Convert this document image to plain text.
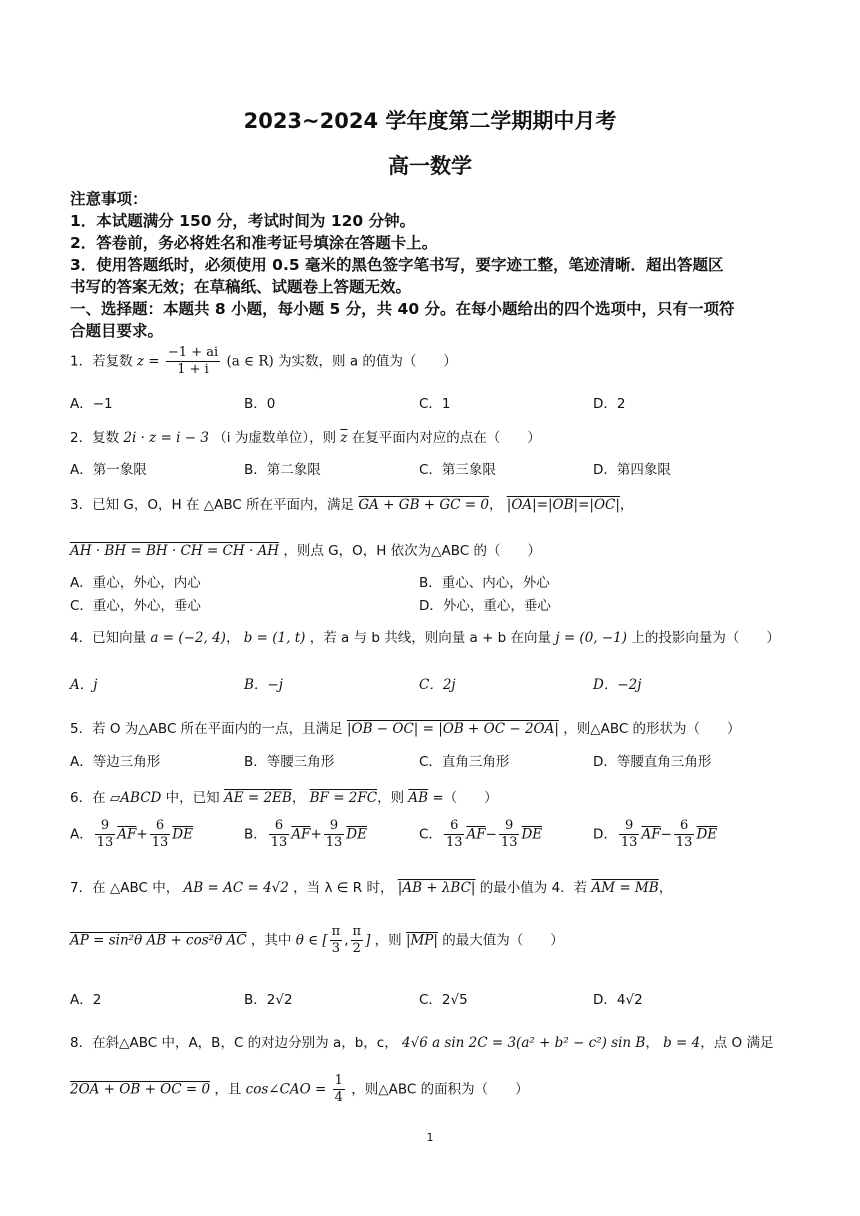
2023~2024 学年度第二学期期中月考
高一数学
注意事项：
1．本试题满分 150 分，考试时间为 120 分钟。
2．答卷前，务必将姓名和准考证号填涂在答题卡上。
3．使用答题纸时，必须使用 0.5 毫米的黑色签字笔书写，要字迹工整，笔迹清晰．超出答题区
书写的答案无效；在草稿纸、试题卷上答题无效。
一、选择题：本题共 8 小题，每小题 5 分，共 40 分。在每小题给出的四个选项中，只有一项符
合题目要求。
1．若复数 $z = \frac{-1 + ai}{1 + i} (a$ ∈ R) 为实数，则 a 的值为（　　）
A．−1	B．0	C．1	D．2
2．复数 2i · z = i − 3 （i 为虚数单位），则 $\overline{z}$ 在复平面内对应的点在（　　）
A．第一象限	B．第二象限	C．第三象限	D．第四象限
3．已知 G，O，H 在 △ABC 所在平面内，满足 GA + GB + GC = 0， |OA|=|OB|=|OC|，
AH · BH = BH · CH = CH · AH ，则点 G，O，H 依次为△ABC 的（　　）
A．重心，外心，内心	B．重心、内心，外心
C．重心，外心，垂心	D．外心，重心，垂心
4．已知向量 a = (−2, 4)， b = (1, t) ，若 a 与 b 共线，则向量 a + b 在向量 j = (0, −1) 上的投影向量为（　　）
A．j	B．−j	C．2j	D．−2j
5．若 O 为△ABC 所在平面内的一点，且满足 |OB − OC| = |OB + OC − 2OA| ，则△ABC 的形状为（　　）
A．等边三角形	B．等腰三角形	C．直角三角形	D．等腰直角三角形
6．在 ▱ABCD 中，已知 AE = 2EB， BF = 2FC，则 $\overline{AB}$ =（　　）
A． $\frac{9}{13} \overline{AF}+ \frac{6}{13} \overline{DE}$	B． $\frac{6}{13} \overline{AF}+ \frac{9}{13} \overline{DE}$	C． $\frac{6}{13} \overline{AF}- \frac{9}{13} \overline{DE}$	D． $\frac{9}{13} \overline{AF}- \frac{6}{13} \overline{DE}$
7．在 △ABC 中， AB = AC = 4√2 ，当 λ ∈ R 时， |AB + λBC| 的最小值为 4．若 AM = MB，
AP = sin²θ AB + cos²θ AC ，其中 θ ∈ [ $\frac{\pi}{3}$ , $\frac{\pi}{2}$ ] ，则 |MP| 的最大值为（　　）
A．2	B．2√2	C．2√5	D．4√2
8．在斜△ABC 中，A，B，C 的对边分别为 a，b，c， 4√6 a sin 2C = 3(a² + b² − c²) sin B， b = 4，点 O 满足
2OA + OB + OC = 0 ，且 cos∠CAO = $\frac{1}{4}$ ，则△ABC 的面积为（　　）
1
